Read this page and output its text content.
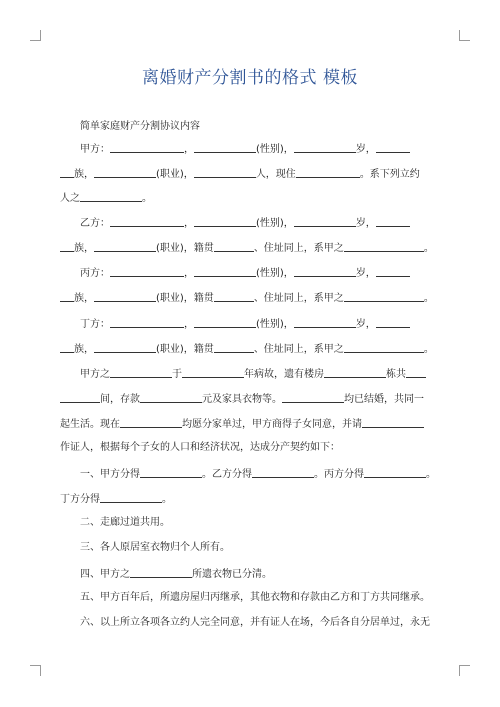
离婚财产分割书的格式 模板
简单家庭财产分割协议内容
甲方：	，	(性别)，	岁，
族，	(职业)，	人，现住	。系下列立约
人之	。
乙方：	，	(性别)，	岁，
族，	(职业)，籍贯	、住址同上，系甲之	。
丙方：	，	(性别)，	岁，
族，	(职业)，籍贯	、住址同上，系甲之	。
丁方：	，	(性别)，	岁，
族，	(职业)，籍贯	、住址同上，系甲之	。
甲方之	于	年病故，遗有楼房	栋共
间，存款	元及家具衣物等。	均已结婚，共同一
起生活。现在	均愿分家单过，甲方商得子女同意，并请
作证人，根据每个子女的人口和经济状况，达成分产契约如下：
一、甲方分得	。乙方分得	。丙方分得	。
丁方分得	。
二、走廊过道共用。
三、各人原居室衣物归个人所有。
四、甲方之	所遗衣物已分清。
五、甲方百年后，所遗房屋归丙继承，其他衣物和存款由乙方和丁方共同继承。
六、以上所立各项各立约人完全同意，并有证人在场，今后各自分居单过，永无
